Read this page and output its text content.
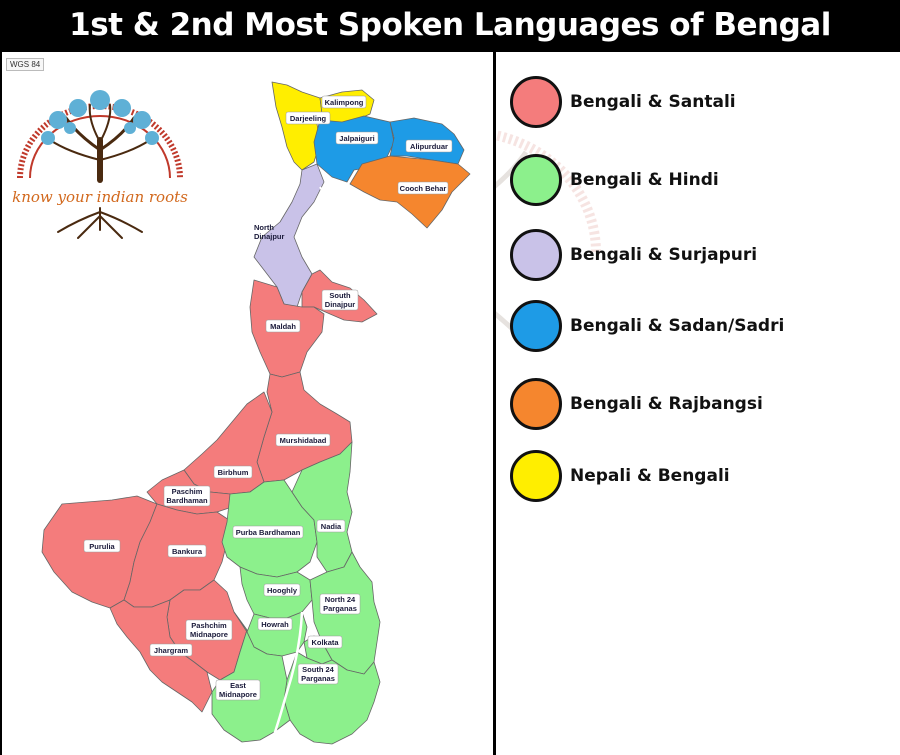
1st & 2nd Most Spoken Languages of Bengal
WGS 84
know your indian roots
Kalimpong
Darjeeling
Jalpaiguri
Alipurduar
Cooch Behar
North
Dinajpur
South
Dinajpur
Maldah
Murshidabad
Birbhum
Paschim
Bardhaman
Purulia
Bankura
Purba Bardhaman
Nadia
Hooghly
North 24
Parganas
Howrah
Kolkata
Pashchim
Midnapore
Jhargram
South 24
Parganas
East
Midnapore
Bengali & Santali
Bengali & Hindi
Bengali & Surjapuri
Bengali & Sadan/Sadri
Bengali & Rajbangsi
Nepali & Bengali
